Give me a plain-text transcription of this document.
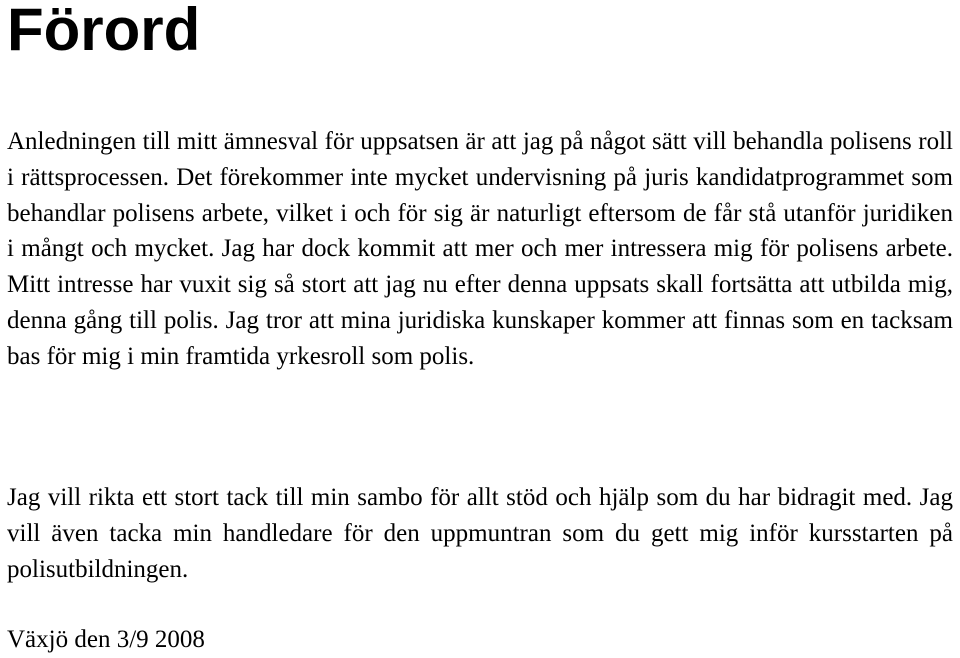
Förord

Anledningen till mitt ämnesval för uppsatsen är att jag på något sätt vill behandla polisens roll i rättsprocessen. Det förekommer inte mycket undervisning på juris kandidatprogrammet som behandlar polisens arbete, vilket i och för sig är naturligt eftersom de får stå utanför juridiken i mångt och mycket. Jag har dock kommit att mer och mer intressera mig för polisens arbete. Mitt intresse har vuxit sig så stort att jag nu efter denna uppsats skall fortsätta att utbilda mig, denna gång till polis. Jag tror att mina juridiska kunskaper kommer att finnas som en tacksam bas för mig i min framtida yrkesroll som polis.

Jag vill rikta ett stort tack till min sambo för allt stöd och hjälp som du har bidragit med. Jag vill även tacka min handledare för den uppmuntran som du gett mig inför kursstarten på polisutbildningen.

Växjö den 3/9 2008
